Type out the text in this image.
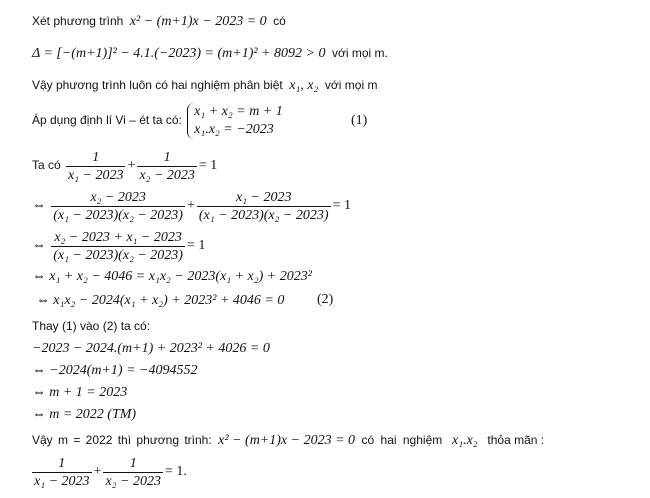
Xét phương trình x² − (m+1)x − 2023 = 0 có
Δ = [−(m+1)]² − 4.1.(−2023) = (m+1)² + 8092 > 0 với mọi m.
Vậy phương trình luôn có hai nghiệm phân biệt x₁, x₂ với mọi m
Áp dụng định lí Vi – ét ta có:
x₁ + x₂ = m + 1
x₁.x₂ = −2023
(1)
Ta có $\frac{1}{\text{x₁ − 2023}} + \frac{1}{\text{x₂ − 2023}} = 1$
⇔ $\frac{\text{x₂ − 2023}}{\text{(x₁ − 2023)(x₂ − 2023)}} + \frac{\text{x₁ − 2023}}{\text{(x₁ − 2023)(x₂ − 2023)}} = 1$
⇔ $\frac{\text{x₂ − 2023 + x₁ − 2023}}{\text{(x₁ − 2023)(x₂ − 2023)}} = 1$
⇔ x₁ + x₂ − 4046 = x₁x₂ − 2023(x₁ + x₂) + 2023²
⇔ x₁x₂ − 2024(x₁ + x₂) + 2023² + 4046 = 0 (2)
Thay (1) vào (2) ta có:
−2023 − 2024.(m+1) + 2023² + 4026 = 0
⇔ −2024(m+1) = −4094552
⇔ m + 1 = 2023
⇔ m = 2022 (TM)
Vậy m = 2022 thì phương trình: x² − (m+1)x − 2023 = 0 có hai nghiệm x₁.x₂ thỏa mãn :
$\frac{1}{\text{x₁ − 2023}} + \frac{1}{\text{x₂ − 2023}} = 1$.
